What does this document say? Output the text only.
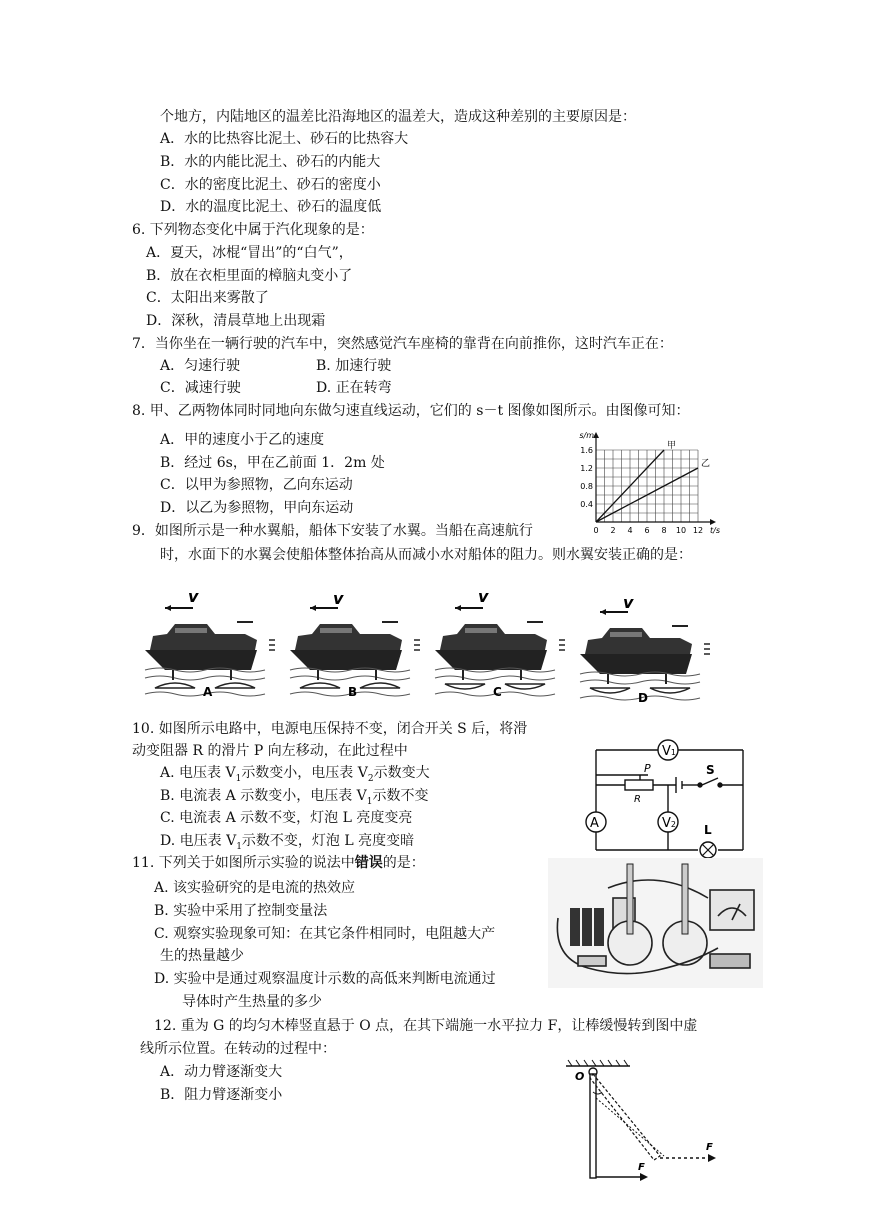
个地方，内陆地区的温差比沿海地区的温差大，造成这种差别的主要原因是：
A．水的比热容比泥土、砂石的比热容大
B．水的内能比泥土、砂石的内能大
C．水的密度比泥土、砂石的密度小
D．水的温度比泥土、砂石的温度低
6. 下列物态变化中属于汽化现象的是：
A．夏天，冰棍“冒出”的“白气”，
B．放在衣柜里面的樟脑丸变小了
C．太阳出来雾散了
D．深秋，清晨草地上出现霜
7．当你坐在一辆行驶的汽车中，突然感觉汽车座椅的靠背在向前推你，这时汽车正在：
A．匀速行驶	B. 加速行驶
C．减速行驶	D. 正在转弯
8. 甲、乙两物体同时同地向东做匀速直线运动，它们的 s－t 图像如图所示。由图像可知：
A．甲的速度小于乙的速度
B．经过 6s，甲在乙前面 1．2m 处
C．以甲为参照物，乙向东运动
D．以乙为参照物，甲向东运动
甲
乙
s/m
t/s
0 2 4 6 8 10 12
0.4
0.8
1.2
1.6
9．如图所示是一种水翼船，船体下安装了水翼。当船在高速航行
时，水面下的水翼会使船体整体抬高从而减小水对船体的阻力。则水翼安装正确的是：
v	v	v	v
A	B	C	D
10. 如图所示电路中，电源电压保持不变，闭合开关 S 后，将滑
动变阻器 R 的滑片 P 向左移动，在此过程中
A. 电压表 $V_1$示数变小，电压表 $V_2$示数变大
B. 电流表 A 示数变小，电压表 $V_1$示数不变
C. 电流表 A 示数不变，灯泡 L 亮度变亮
D. 电压表 $V_1$示数不变，灯泡 L 亮度变暗
V1
A	V2
P
R
S
L
11. 下列关于如图所示实验的说法中错误的是：
A. 该实验研究的是电流的热效应
B. 实验中采用了控制变量法
C. 观察实验现象可知：在其它条件相同时，电阻越大产
生的热量越少
D. 实验中是通过观察温度计示数的高低来判断电流通过
导体时产生热量的多少
12. 重为 G 的均匀木棒竖直悬于 O 点，在其下端施一水平拉力 F，让棒缓慢转到图中虚
线所示位置。在转动的过程中：
A．动力臂逐渐变大
B．阻力臂逐渐变小
O
F
F
